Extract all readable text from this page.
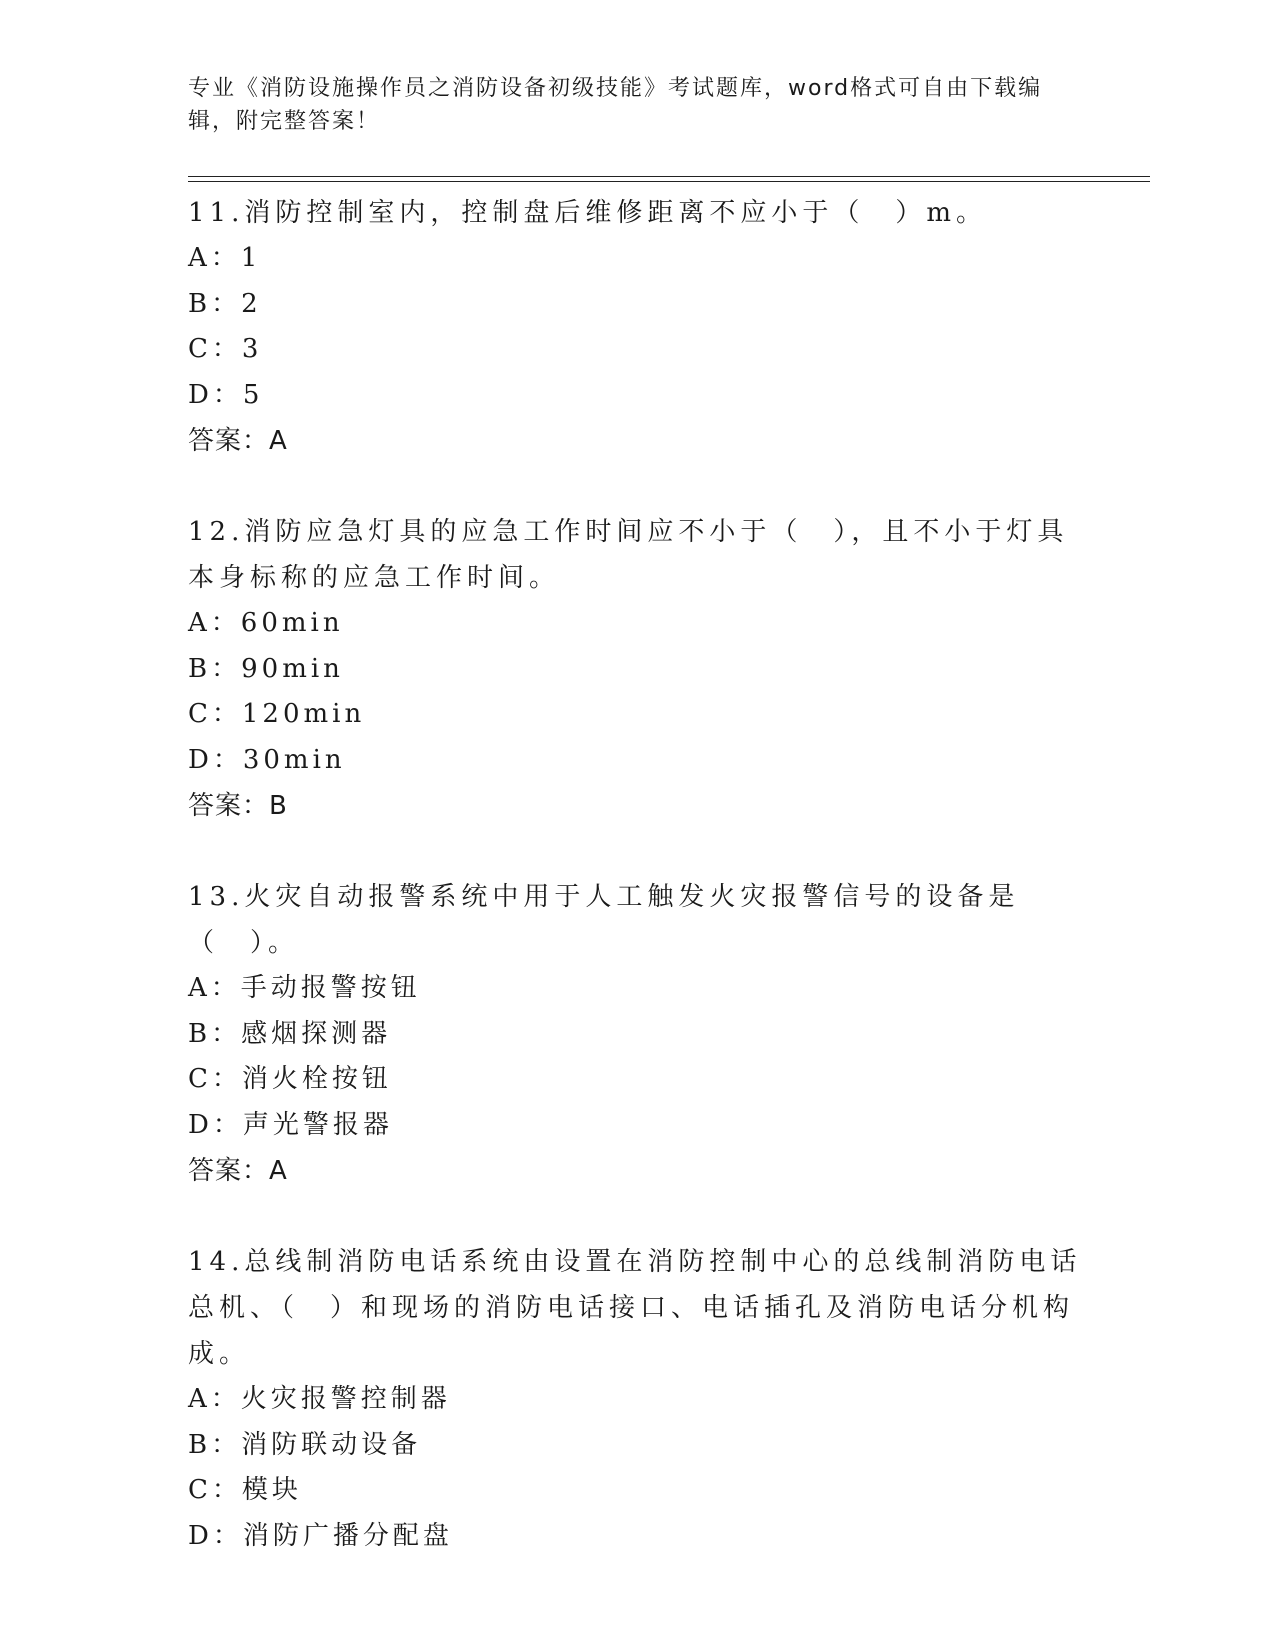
专业《消防设施操作员之消防设备初级技能》考试题库，word格式可自由下载编辑，附完整答案！
11.消防控制室内，控制盘后维修距离不应小于（　）m。
A：1
B：2
C：3
D：5
答案：A
12.消防应急灯具的应急工作时间应不小于（　），且不小于灯具本身标称的应急工作时间。
A：60min
B：90min
C：120min
D：30min
答案：B
13.火灾自动报警系统中用于人工触发火灾报警信号的设备是（　）。
A：手动报警按钮
B：感烟探测器
C：消火栓按钮
D：声光警报器
答案：A
14.总线制消防电话系统由设置在消防控制中心的总线制消防电话总机、（　）和现场的消防电话接口、电话插孔及消防电话分机构成。
A：火灾报警控制器
B：消防联动设备
C：模块
D：消防广播分配盘
